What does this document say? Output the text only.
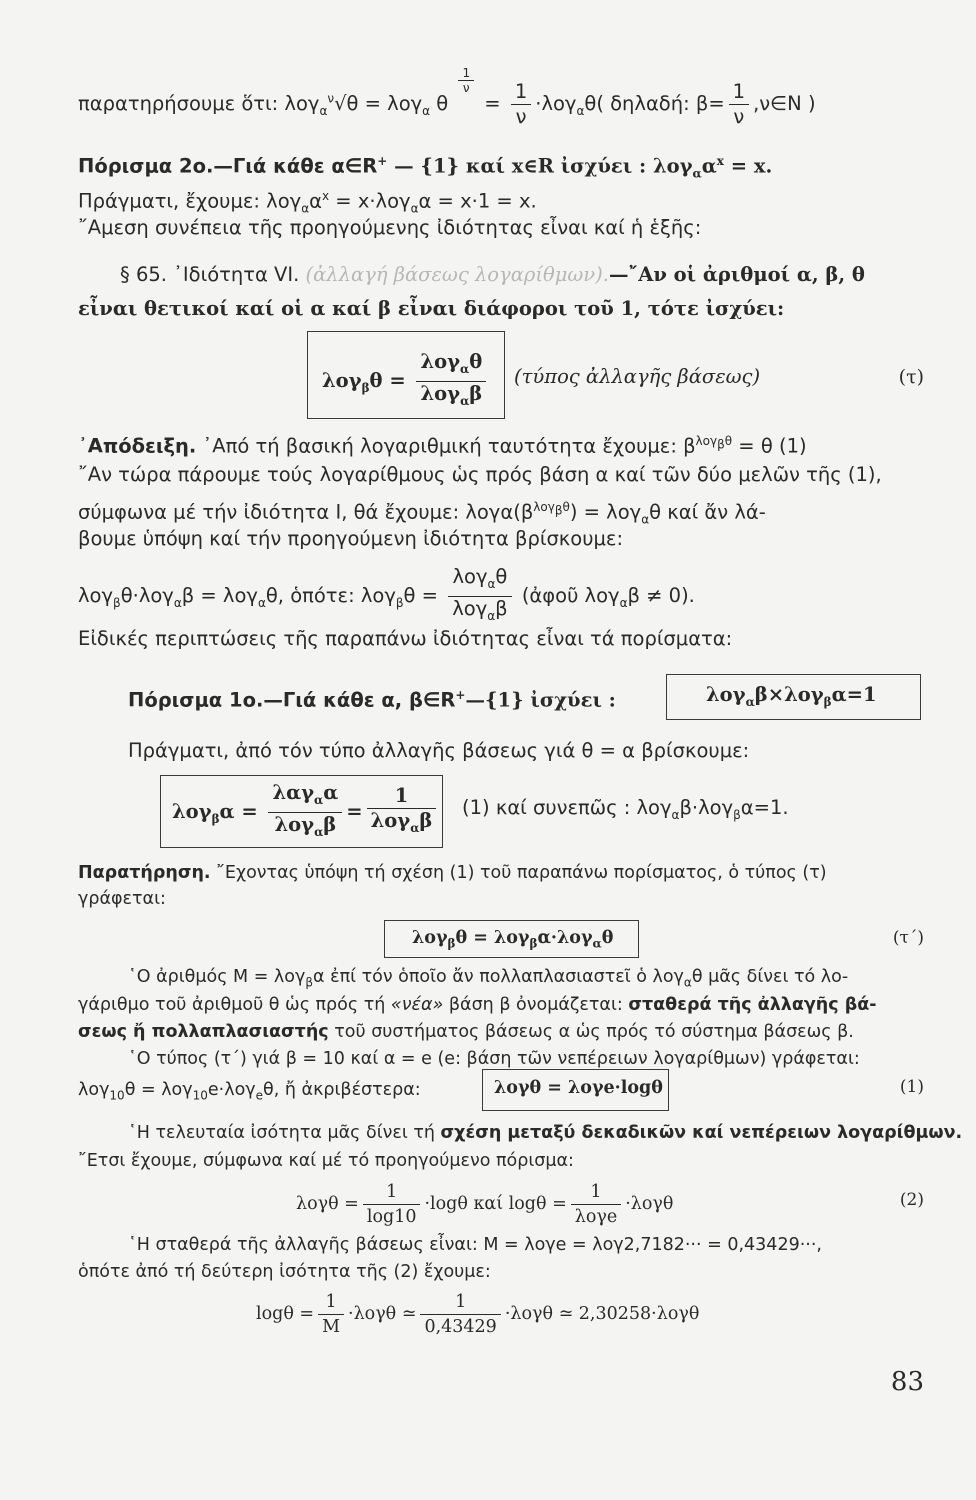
παρατηρήσουμε ὅτι: λογ$_\alpha^\nu$√θ = λογ$_\alpha$ θ
$\frac{1}{\nu}$
= $\frac{1}{\nu} \cdot\lambda o\gamma_\alpha\theta$( δηλαδή: $\beta= \frac{1}{\nu}$ ,ν∈N )
Πόρισμα 2ο.—Γιά κάθε α∈R+ — {1} καί x∈R ἰσχύει : $\lambda o\gamma_\alpha\alpha^x = x$.
Πράγματι, ἔχουμε: $\lambda o\gamma_\alpha\alpha^x = x\cdot\lambda o\gamma_\alpha\alpha = x\cdot 1 = x$.
῎Αμεση συνέπεια τῆς προηγούμενης ἰδιότητας εἶναι καί ἡ ἑξῆς:
§ 65. ᾿Ιδιότητα VI. (ἀλλαγή βάσεως λογαρίθμων).—῎Αν οἱ ἀριθμοί α, β, θ
εἶναι θετικοί καί οἱ α καί β εἶναι διάφοροι τοῦ 1, τότε ἰσχύει:
$\lambda o\gamma_\beta\theta = \frac{\lambda o\gamma_\alpha\theta}{\lambda o\gamma_\alpha\beta} (\tau ύ\pi o\varsigma$ ἀλλαγῆς βάσεως)	(τ)
᾿Απόδειξη. ᾿Από τή βασική λογαριθμική ταυτότητα ἔχουμε: $\beta^{\lambda o\gamma_\beta\theta} = \theta$ (1)
῎Αν τώρα πάρουμε τούς λογαρίθμους ὡς πρός βάση α καί τῶν δύο μελῶν τῆς (1),
σύμφωνα μέ τήν ἰδιότητα I, θά ἔχουμε: $\lambda o\gamma\alpha(\beta^{\lambda o\gamma_\beta\theta}) = \lambda o\gamma_\alpha\theta$ καί ἄν λά-
βουμε ὑπόψη καί τήν προηγούμενη ἰδιότητα βρίσκουμε:
λογ$_\beta$θ·λογ$_\alpha$β = λογ$_\alpha$θ, ὁπότε: $\lambda o\gamma_\beta\theta = \frac{\lambda o\gamma_\alpha\theta}{\lambda o\gamma_\alpha\beta}$ (ἀφοῦ λογ$_\alpha$β ≠ 0).
Εἰδικές περιπτώσεις τῆς παραπάνω ἰδιότητας εἶναι τά πορίσματα:
Πόρισμα 1ο.—Γιά κάθε α, β∈R+—{1} ἰσχύει :	λογ$_\alpha$β×λογ$_\beta$α=1
Πράγματι, ἀπό τόν τύπο ἀλλαγῆς βάσεως γιά θ = α βρίσκουμε:
$\lambda o\gamma_\beta\alpha = \frac{\lambda\alpha\gamma_\alpha\alpha}{\lambda o\gamma_\alpha\beta} = \frac{1}{\lambda o\gamma_\alpha\beta} (1)$ καί συνεπῶς : λογ$_\alpha$β·λογ$_\beta$α=1.
Παρατήρηση. ῎Εχοντας ὑπόψη τή σχέση (1) τοῦ παραπάνω πορίσματος, ὁ τύπος (τ)
γράφεται:
λογ$_\beta$θ = λογ$_\beta$α·λογ$_\alpha$θ	(τ΄)
῾Ο ἀριθμός Μ = λογ$_\beta$α ἐπί τόν ὁποῖο ἄν πολλαπλασιαστεῖ ὁ λογ$_\alpha$θ μᾶς δίνει τό λο-
γάριθμο τοῦ ἀριθμοῦ θ ὡς πρός τή «νέα» βάση β ὀνομάζεται: σταθερά τῆς ἀλλαγῆς βά-
σεως ἤ πολλαπλασιαστής τοῦ συστήματος βάσεως α ὡς πρός τό σύστημα βάσεως β.
῾Ο τύπος (τ΄) γιά β = 10 καί α = e (e: βάση τῶν νεπέρειων λογαρίθμων) γράφεται:
λογ$_{10}$θ = λογ$_{10}$e·λογ$_e$θ, ἤ ἀκριβέστερα:	λογθ = λογe·logθ	(1)
῾Η τελευταία ἰσότητα μᾶς δίνει τή σχέση μεταξύ δεκαδικῶν καί νεπέρειων λογαρίθμων.
῎Ετσι ἔχουμε, σύμφωνα καί μέ τό προηγούμενο πόρισμα:
$\lambda o\gamma\theta = \frac{1}{\log 10} \cdot\log\theta$ καί $\log\theta = \frac{1}{\text{λογe}} \cdot\lambda o\gamma\theta$	(2)
῾Η σταθερά τῆς ἀλλαγῆς βάσεως εἶναι: Μ = λογe = λογ2,7182··· = 0,43429···,
ὁπότε ἀπό τή δεύτερη ἰσότητα τῆς (2) ἔχουμε:
$\log\theta = \frac{1}{M} \cdot\lambda o\gamma\theta$ ≃ $\frac{1}{0,43429} \cdot\lambda o\gamma\theta$ ≃ 2,30258·λογθ
83
